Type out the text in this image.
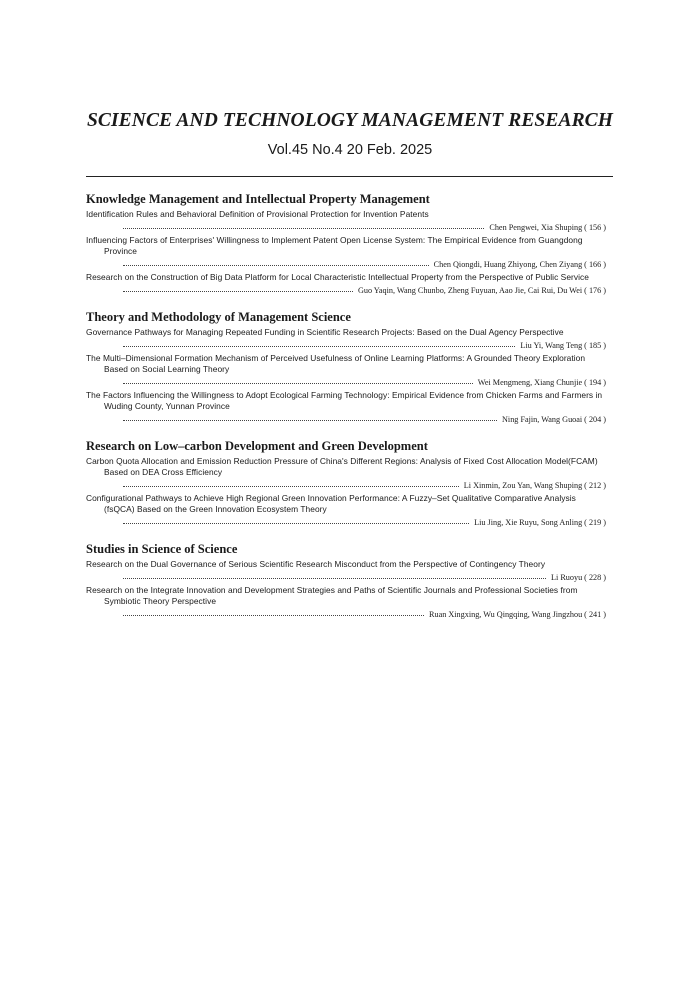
SCIENCE AND TECHNOLOGY MANAGEMENT RESEARCH
Vol.45 No.4 20 Feb. 2025
Knowledge Management and Intellectual Property Management
Identification Rules and Behavioral Definition of Provisional Protection for Invention Patents
Chen Pengwei, Xia Shuping ( 156 )
Influencing Factors of Enterprises' Willingness to Implement Patent Open License System: The Empirical Evidence from Guangdong Province
Chen Qiongdi, Huang Zhiyong, Chen Ziyang ( 166 )
Research on the Construction of Big Data Platform for Local Characteristic Intellectual Property from the Perspective of Public Service
Guo Yaqin, Wang Chunbo, Zheng Fuyuan, Aao Jie, Cai Rui, Du Wei ( 176 )
Theory and Methodology of Management Science
Governance Pathways for Managing Repeated Funding in Scientific Research Projects: Based on the Dual Agency Perspective
Liu Yi, Wang Teng ( 185 )
The Multi–Dimensional Formation Mechanism of Perceived Usefulness of Online Learning Platforms: A Grounded Theory Exploration Based on Social Learning Theory
Wei Mengmeng, Xiang Chunjie ( 194 )
The Factors Influencing the Willingness to Adopt Ecological Farming Technology: Empirical Evidence from Chicken Farms and Farmers in Wuding County, Yunnan Province
Ning Fajin, Wang Guoai ( 204 )
Research on Low–carbon Development and Green Development
Carbon Quota Allocation and Emission Reduction Pressure of China's Different Regions: Analysis of Fixed Cost Allocation Model(FCAM) Based on DEA Cross Efficiency
Li Xinmin, Zou Yan, Wang Shuping ( 212 )
Configurational Pathways to Achieve High Regional Green Innovation Performance: A Fuzzy–Set Qualitative Comparative Analysis (fsQCA) Based on the Green Innovation Ecosystem Theory
Liu Jing, Xie Ruyu, Song Anling ( 219 )
Studies in Science of Science
Research on the Dual Governance of Serious Scientific Research Misconduct from the Perspective of Contingency Theory
Li Ruoyu ( 228 )
Research on the Integrate Innovation and Development Strategies and Paths of Scientific Journals and Professional Societies from Symbiotic Theory Perspective
Ruan Xingxing, Wu Qingqing, Wang Jingzhou ( 241 )
